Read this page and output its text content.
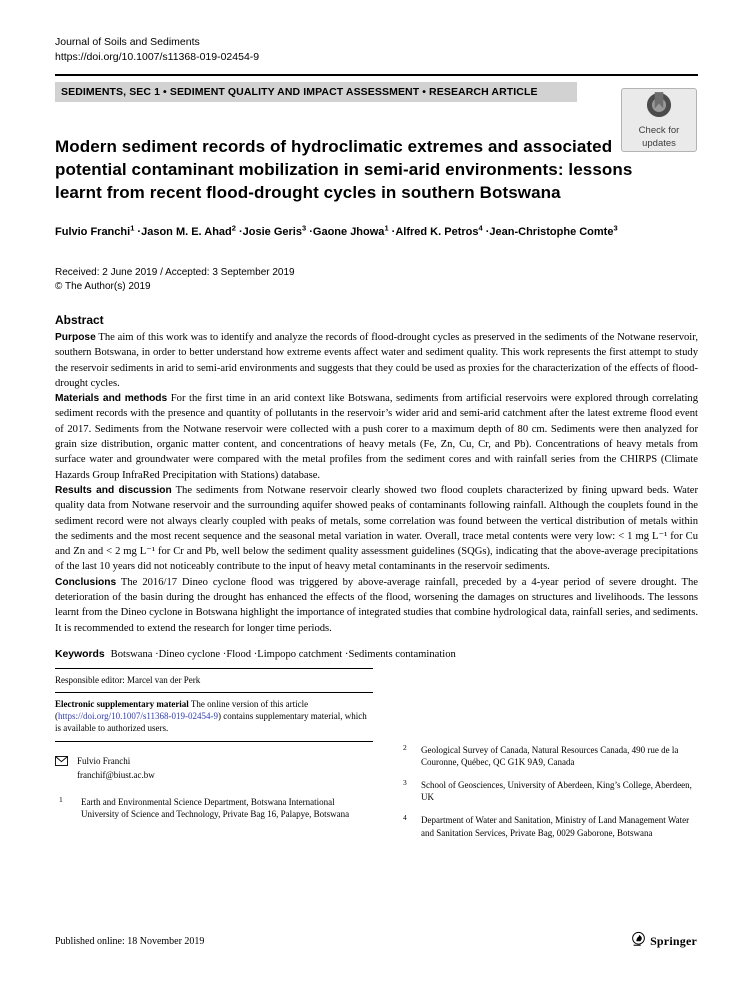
Journal of Soils and Sediments
https://doi.org/10.1007/s11368-019-02454-9
SEDIMENTS, SEC 1 • SEDIMENT QUALITY AND IMPACT ASSESSMENT • RESEARCH ARTICLE
Modern sediment records of hydroclimatic extremes and associated potential contaminant mobilization in semi-arid environments: lessons learnt from recent flood-drought cycles in southern Botswana
Fulvio Franchi$^1$ · Jason M. E. Ahad$^2$ · Josie Geris$^3$ · Gaone Jhowa$^1$ · Alfred K. Petros$^4$ · Jean-Christophe Comte$^3$
Received: 2 June 2019 / Accepted: 3 September 2019
© The Author(s) 2019
Abstract

Purpose The aim of this work was to identify and analyze the records of flood-drought cycles as preserved in the sediments of the Notwane reservoir, southern Botswana, in order to better understand how extreme events affect water and sediment quality. This work represents the first attempt to study the reservoir sediments in arid to semi-arid environments and suggests that they could be used as proxies for the characterization of the effects of flood-drought cycles.

Materials and methods For the first time in an arid context like Botswana, sediments from artificial reservoirs were explored through correlating sediment records with the presence and quantity of pollutants in the reservoir’s wider arid and semi-arid catchment after the latest extreme flood event of 2017. Sediments from the Notwane reservoir were collected with a push corer to a maximum depth of 80 cm. Sediments were then analyzed for grain size distribution, organic matter content, and concentrations of heavy metals (Fe, Zn, Cu, Cr, and Pb). Concentrations of heavy metals from surface water and groundwater were compared with the metal profiles from the sediment cores and with rainfall series from the CHIRPS (Climate Hazards Group InfraRed Precipitation with Stations) database.

Results and discussion The sediments from Notwane reservoir clearly showed two flood couplets characterized by fining upward beds. Water quality data from Notwane reservoir and the surrounding aquifer showed peaks of contaminants following rainfall. Although the couplets found in the sediment record were not always clearly coupled with peaks of metals, some correlation was found between the vertical distribution of metals within the sediments and the most recent sequence and the seasonal metal variation in water. Overall, trace metal contents were very low: < 1 mg L⁻¹ for Cu and Zn and < 2 mg L⁻¹ for Cr and Pb, well below the sediment quality assessment guidelines (SQGs), indicating that the above-average precipitations of the last 10 years did not noticeably contribute to the input of heavy metal contaminants in the reservoir sediments.

Conclusions The 2016/17 Dineo cyclone flood was triggered by above-average rainfall, preceded by a 4-year period of severe drought. The deterioration of the basin during the drought has enhanced the effects of the flood, worsening the damages on structures and livelihoods. The lessons learnt from the Dineo cyclone in Botswana highlight the importance of integrated studies that combine hydrological data, rainfall series, and sediments. It is recommended to extend the research for longer time periods.

Keywords Botswana · Dineo cyclone · Flood · Limpopo catchment · Sediments contamination
Responsible editor: Marcel van der Perk
Electronic supplementary material The online version of this article (https://doi.org/10.1007/s11368-019-02454-9) contains supplementary material, which is available to authorized users.
Fulvio Franchi
franchif@biust.ac.bw
1 Earth and Environmental Science Department, Botswana International University of Science and Technology, Private Bag 16, Palapye, Botswana
2 Geological Survey of Canada, Natural Resources Canada, 490 rue de la Couronne, Québec, QC G1K 9A9, Canada
3 School of Geosciences, University of Aberdeen, King’s College, Aberdeen, UK
4 Department of Water and Sanitation, Ministry of Land Management Water and Sanitation Services, Private Bag, 0029 Gaborone, Botswana
Check for
updates
Published online: 18 November 2019	Springer
